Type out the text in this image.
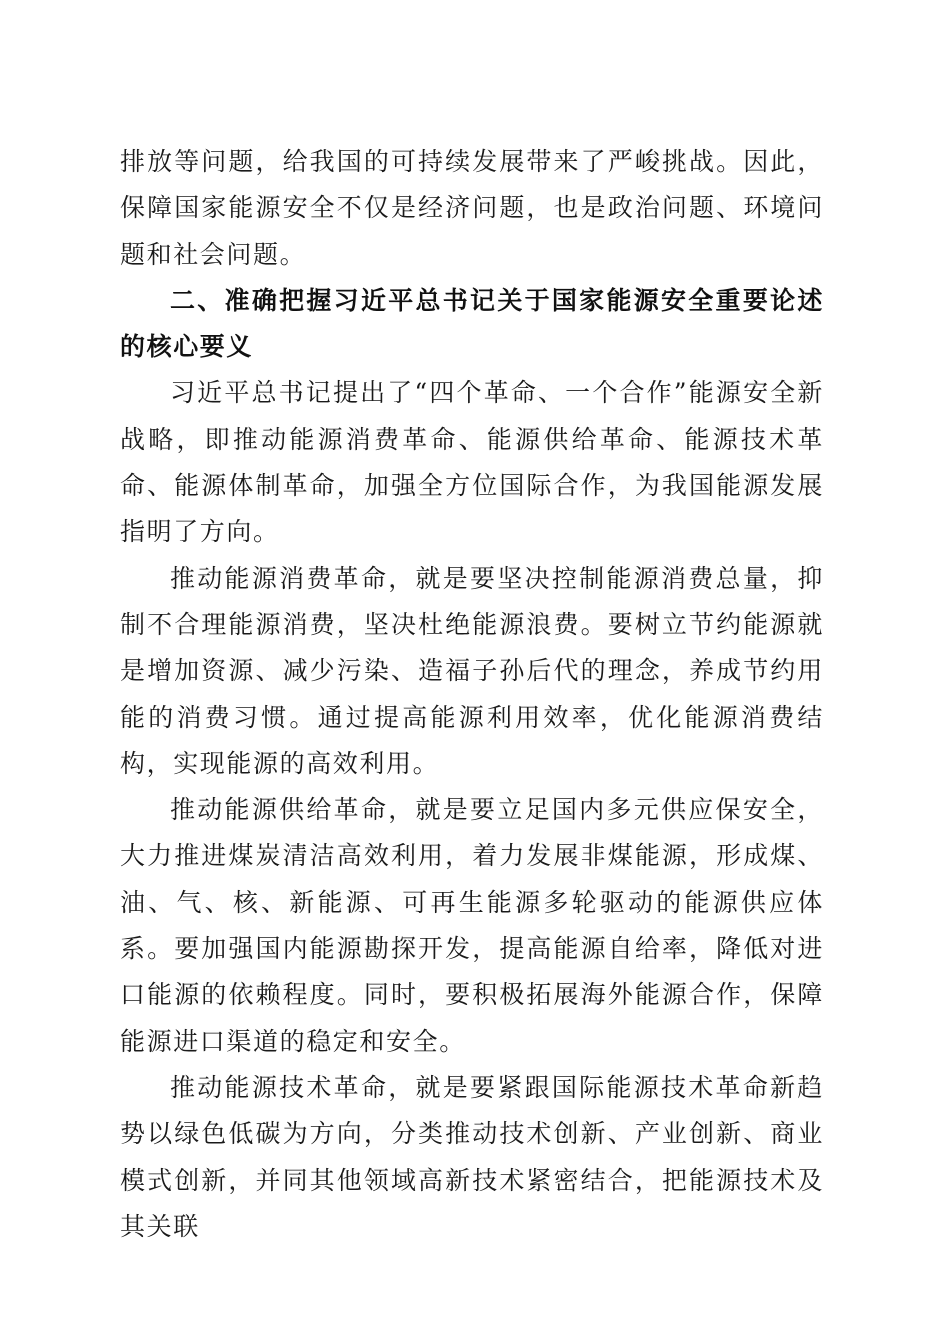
排放等问题，给我国的可持续发展带来了严峻挑战。因此，保障国家能源安全不仅是经济问题，也是政治问题、环境问题和社会问题。

二、准确把握习近平总书记关于国家能源安全重要论述的核心要义

习近平总书记提出了“四个革命、一个合作”能源安全新战略，即推动能源消费革命、能源供给革命、能源技术革命、能源体制革命，加强全方位国际合作，为我国能源发展指明了方向。

推动能源消费革命，就是要坚决控制能源消费总量，抑制不合理能源消费，坚决杜绝能源浪费。要树立节约能源就是增加资源、减少污染、造福子孙后代的理念，养成节约用能的消费习惯。通过提高能源利用效率，优化能源消费结构，实现能源的高效利用。

推动能源供给革命，就是要立足国内多元供应保安全，大力推进煤炭清洁高效利用，着力发展非煤能源，形成煤、油、气、核、新能源、可再生能源多轮驱动的能源供应体系。要加强国内能源勘探开发，提高能源自给率，降低对进口能源的依赖程度。同时，要积极拓展海外能源合作，保障能源进口渠道的稳定和安全。

推动能源技术革命，就是要紧跟国际能源技术革命新趋势以绿色低碳为方向，分类推动技术创新、产业创新、商业模式创新，并同其他领域高新技术紧密结合，把能源技术及其关联
